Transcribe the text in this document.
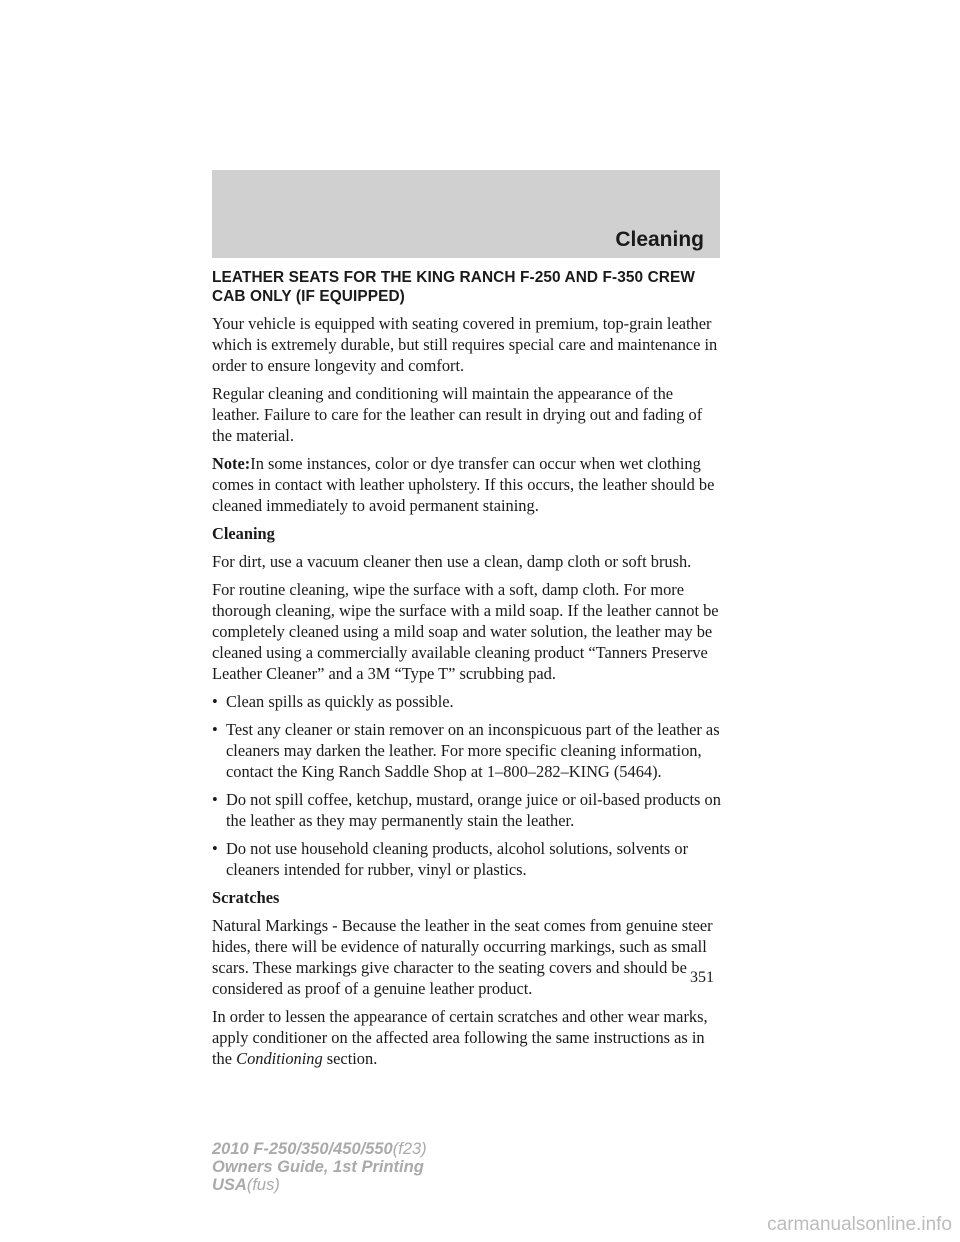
Cleaning
LEATHER SEATS FOR THE KING RANCH F-250 AND F-350 CREW CAB ONLY (IF EQUIPPED)

Your vehicle is equipped with seating covered in premium, top-grain leather which is extremely durable, but still requires special care and maintenance in order to ensure longevity and comfort.

Regular cleaning and conditioning will maintain the appearance of the leather. Failure to care for the leather can result in drying out and fading of the material.

Note:In some instances, color or dye transfer can occur when wet clothing comes in contact with leather upholstery. If this occurs, the leather should be cleaned immediately to avoid permanent staining.

Cleaning

For dirt, use a vacuum cleaner then use a clean, damp cloth or soft brush.

For routine cleaning, wipe the surface with a soft, damp cloth. For more thorough cleaning, wipe the surface with a mild soap. If the leather cannot be completely cleaned using a mild soap and water solution, the leather may be cleaned using a commercially available cleaning product “Tanners Preserve Leather Cleaner” and a 3M “Type T” scrubbing pad.

• Clean spills as quickly as possible.

• Test any cleaner or stain remover on an inconspicuous part of the leather as cleaners may darken the leather. For more specific cleaning information, contact the King Ranch Saddle Shop at 1–800–282–KING (5464).

• Do not spill coffee, ketchup, mustard, orange juice or oil-based products on the leather as they may permanently stain the leather.

• Do not use household cleaning products, alcohol solutions, solvents or cleaners intended for rubber, vinyl or plastics.

Scratches

Natural Markings - Because the leather in the seat comes from genuine steer hides, there will be evidence of naturally occurring markings, such as small scars. These markings give character to the seating covers and should be considered as proof of a genuine leather product.

In order to lessen the appearance of certain scratches and other wear marks, apply conditioner on the affected area following the same instructions as in the Conditioning section.

351
2010 F-250/350/450/550(f23)
Owners Guide, 1st Printing
USA(fus)
carmanualsonline.info
